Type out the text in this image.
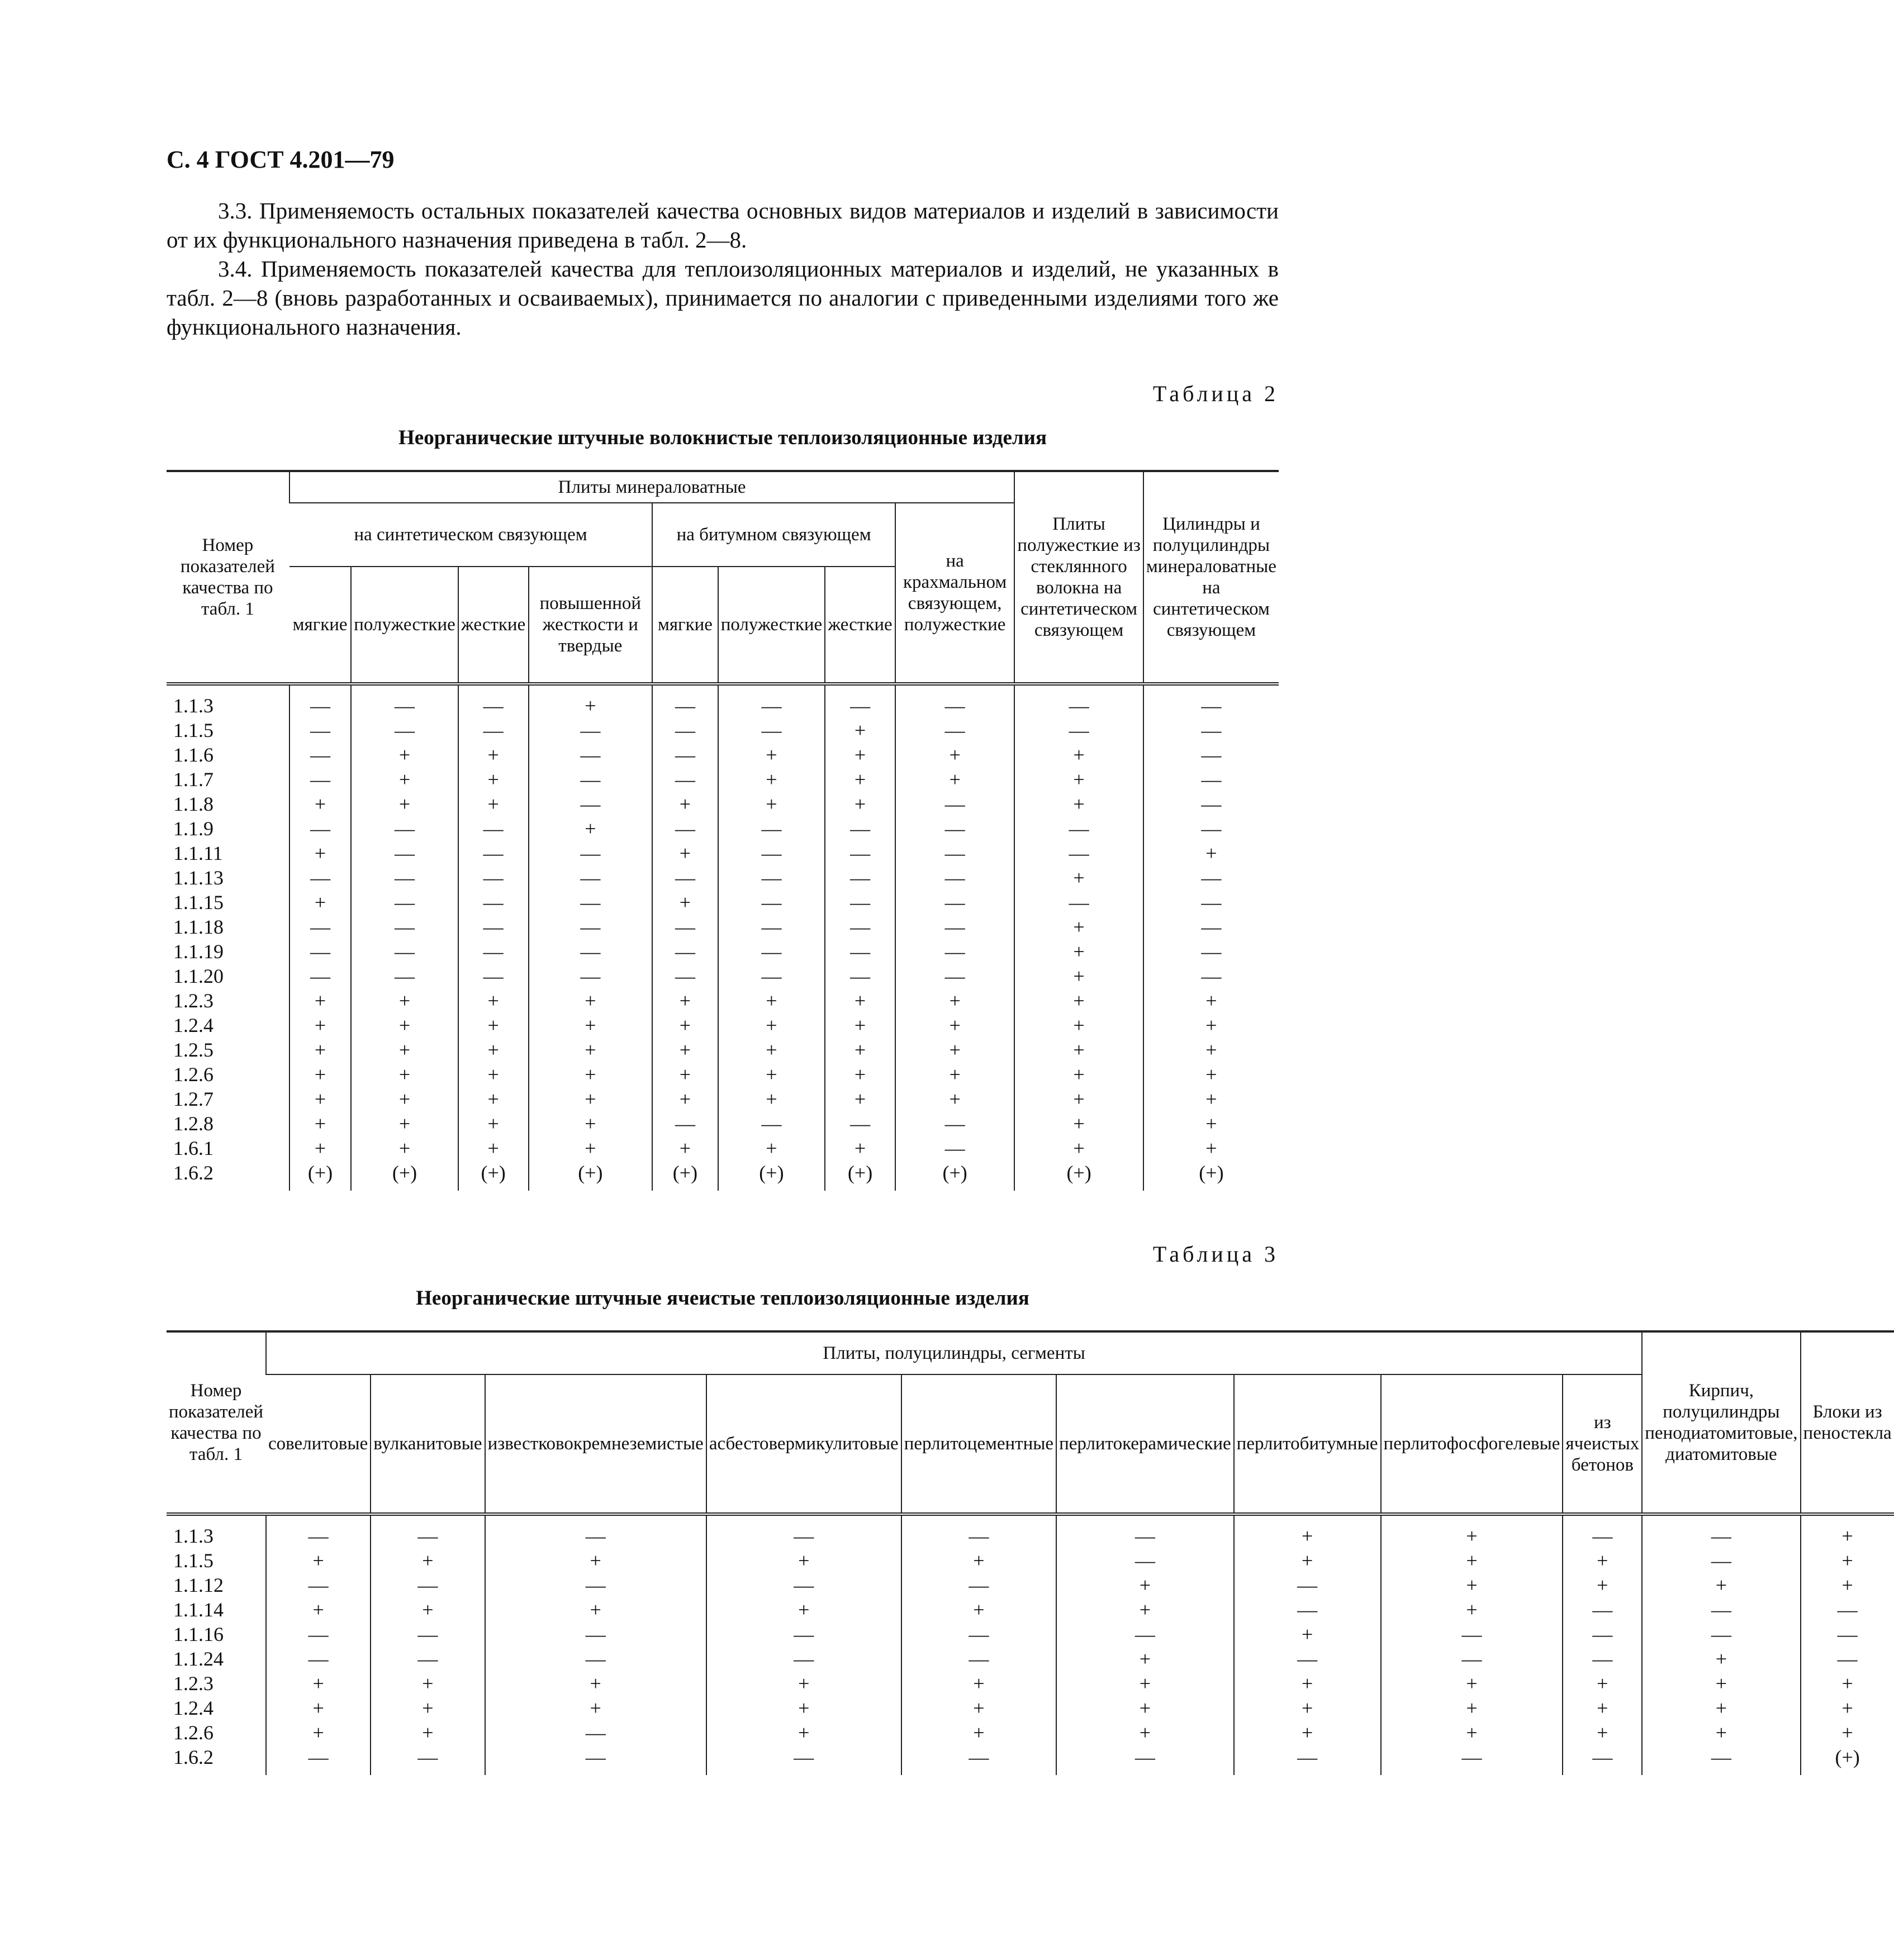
С. 4 ГОСТ 4.201—79

3.3. Применяемость остальных показателей качества основных видов материалов и изделий в зависимости от их функционального назначения приведена в табл. 2—8.

3.4. Применяемость показателей качества для теплоизоляционных материалов и изделий, не указанных в табл. 2—8 (вновь разработанных и осваиваемых), принимается по аналогии с приведенными изделиями того же функционального назначения.

Таблица 2
Неорганические штучные волокнистые теплоизоляционные изделия
Номер показателей качества по табл. 1	Плиты минераловатные								Плиты полужесткие из стеклянного волокна на синтетическом связующем	Цилиндры и полуцилиндры минераловатные на синтетическом связующем
	на синтетическом связующем				на битумном связующем			на крахмальном связующем, полужесткие		
	мягкие	полужесткие	жесткие	повышенной жесткости и твердые	мягкие	полужесткие	жесткие			
1.1.3	—	—	—	+	—	—	—	—	—	—
1.1.5	—	—	—	—	—	—	+	—	—	—
1.1.6	—	+	+	—	—	+	+	+	+	—
1.1.7	—	+	+	—	—	+	+	+	+	—
1.1.8	+	+	+	—	+	+	+	—	+	—
1.1.9	—	—	—	+	—	—	—	—	—	—
1.1.11	+	—	—	—	+	—	—	—	—	+
1.1.13	—	—	—	—	—	—	—	—	+	—
1.1.15	+	—	—	—	+	—	—	—	—	—
1.1.18	—	—	—	—	—	—	—	—	+	—
1.1.19	—	—	—	—	—	—	—	—	+	—
1.1.20	—	—	—	—	—	—	—	—	+	—
1.2.3	+	+	+	+	+	+	+	+	+	+
1.2.4	+	+	+	+	+	+	+	+	+	+
1.2.5	+	+	+	+	+	+	+	+	+	+
1.2.6	+	+	+	+	+	+	+	+	+	+
1.2.7	+	+	+	+	+	+	+	+	+	+
1.2.8	+	+	+	+	—	—	—	—	+	+
1.6.1	+	+	+	+	+	+	+	—	+	+
1.6.2	(+)	(+)	(+)	(+)	(+)	(+)	(+)	(+)	(+)	(+)
Таблица 3
Неорганические штучные ячеистые теплоизоляционные изделия
Номер показателей качества по табл. 1	Плиты, полуцилиндры, сегменты									Кирпич, полуцилиндры пенодиатомитовые, диатомитовые	Блоки из пеностекла
	совелитовые	вулканитовые	известковокремнеземистые	асбестовермикулитовые	перлитоцементные	перлитокерамические	перлитобитумные	перлитофосфогелевые	из ячеистых бетонов		
1.1.3	—	—	—	—	—	—	+	+	—	—	+
1.1.5	+	+	+	+	+	—	+	+	+	—	+
1.1.12	—	—	—	—	—	+	—	+	+	+	+
1.1.14	+	+	+	+	+	+	—	+	—	—	—
1.1.16	—	—	—	—	—	—	+	—	—	—	—
1.1.24	—	—	—	—	—	+	—	—	—	+	—
1.2.3	+	+	+	+	+	+	+	+	+	+	+
1.2.4	+	+	+	+	+	+	+	+	+	+	+
1.2.6	+	+	—	+	+	+	+	+	+	+	+
1.6.2	—	—	—	—	—	—	—	—	—	—	(+)
